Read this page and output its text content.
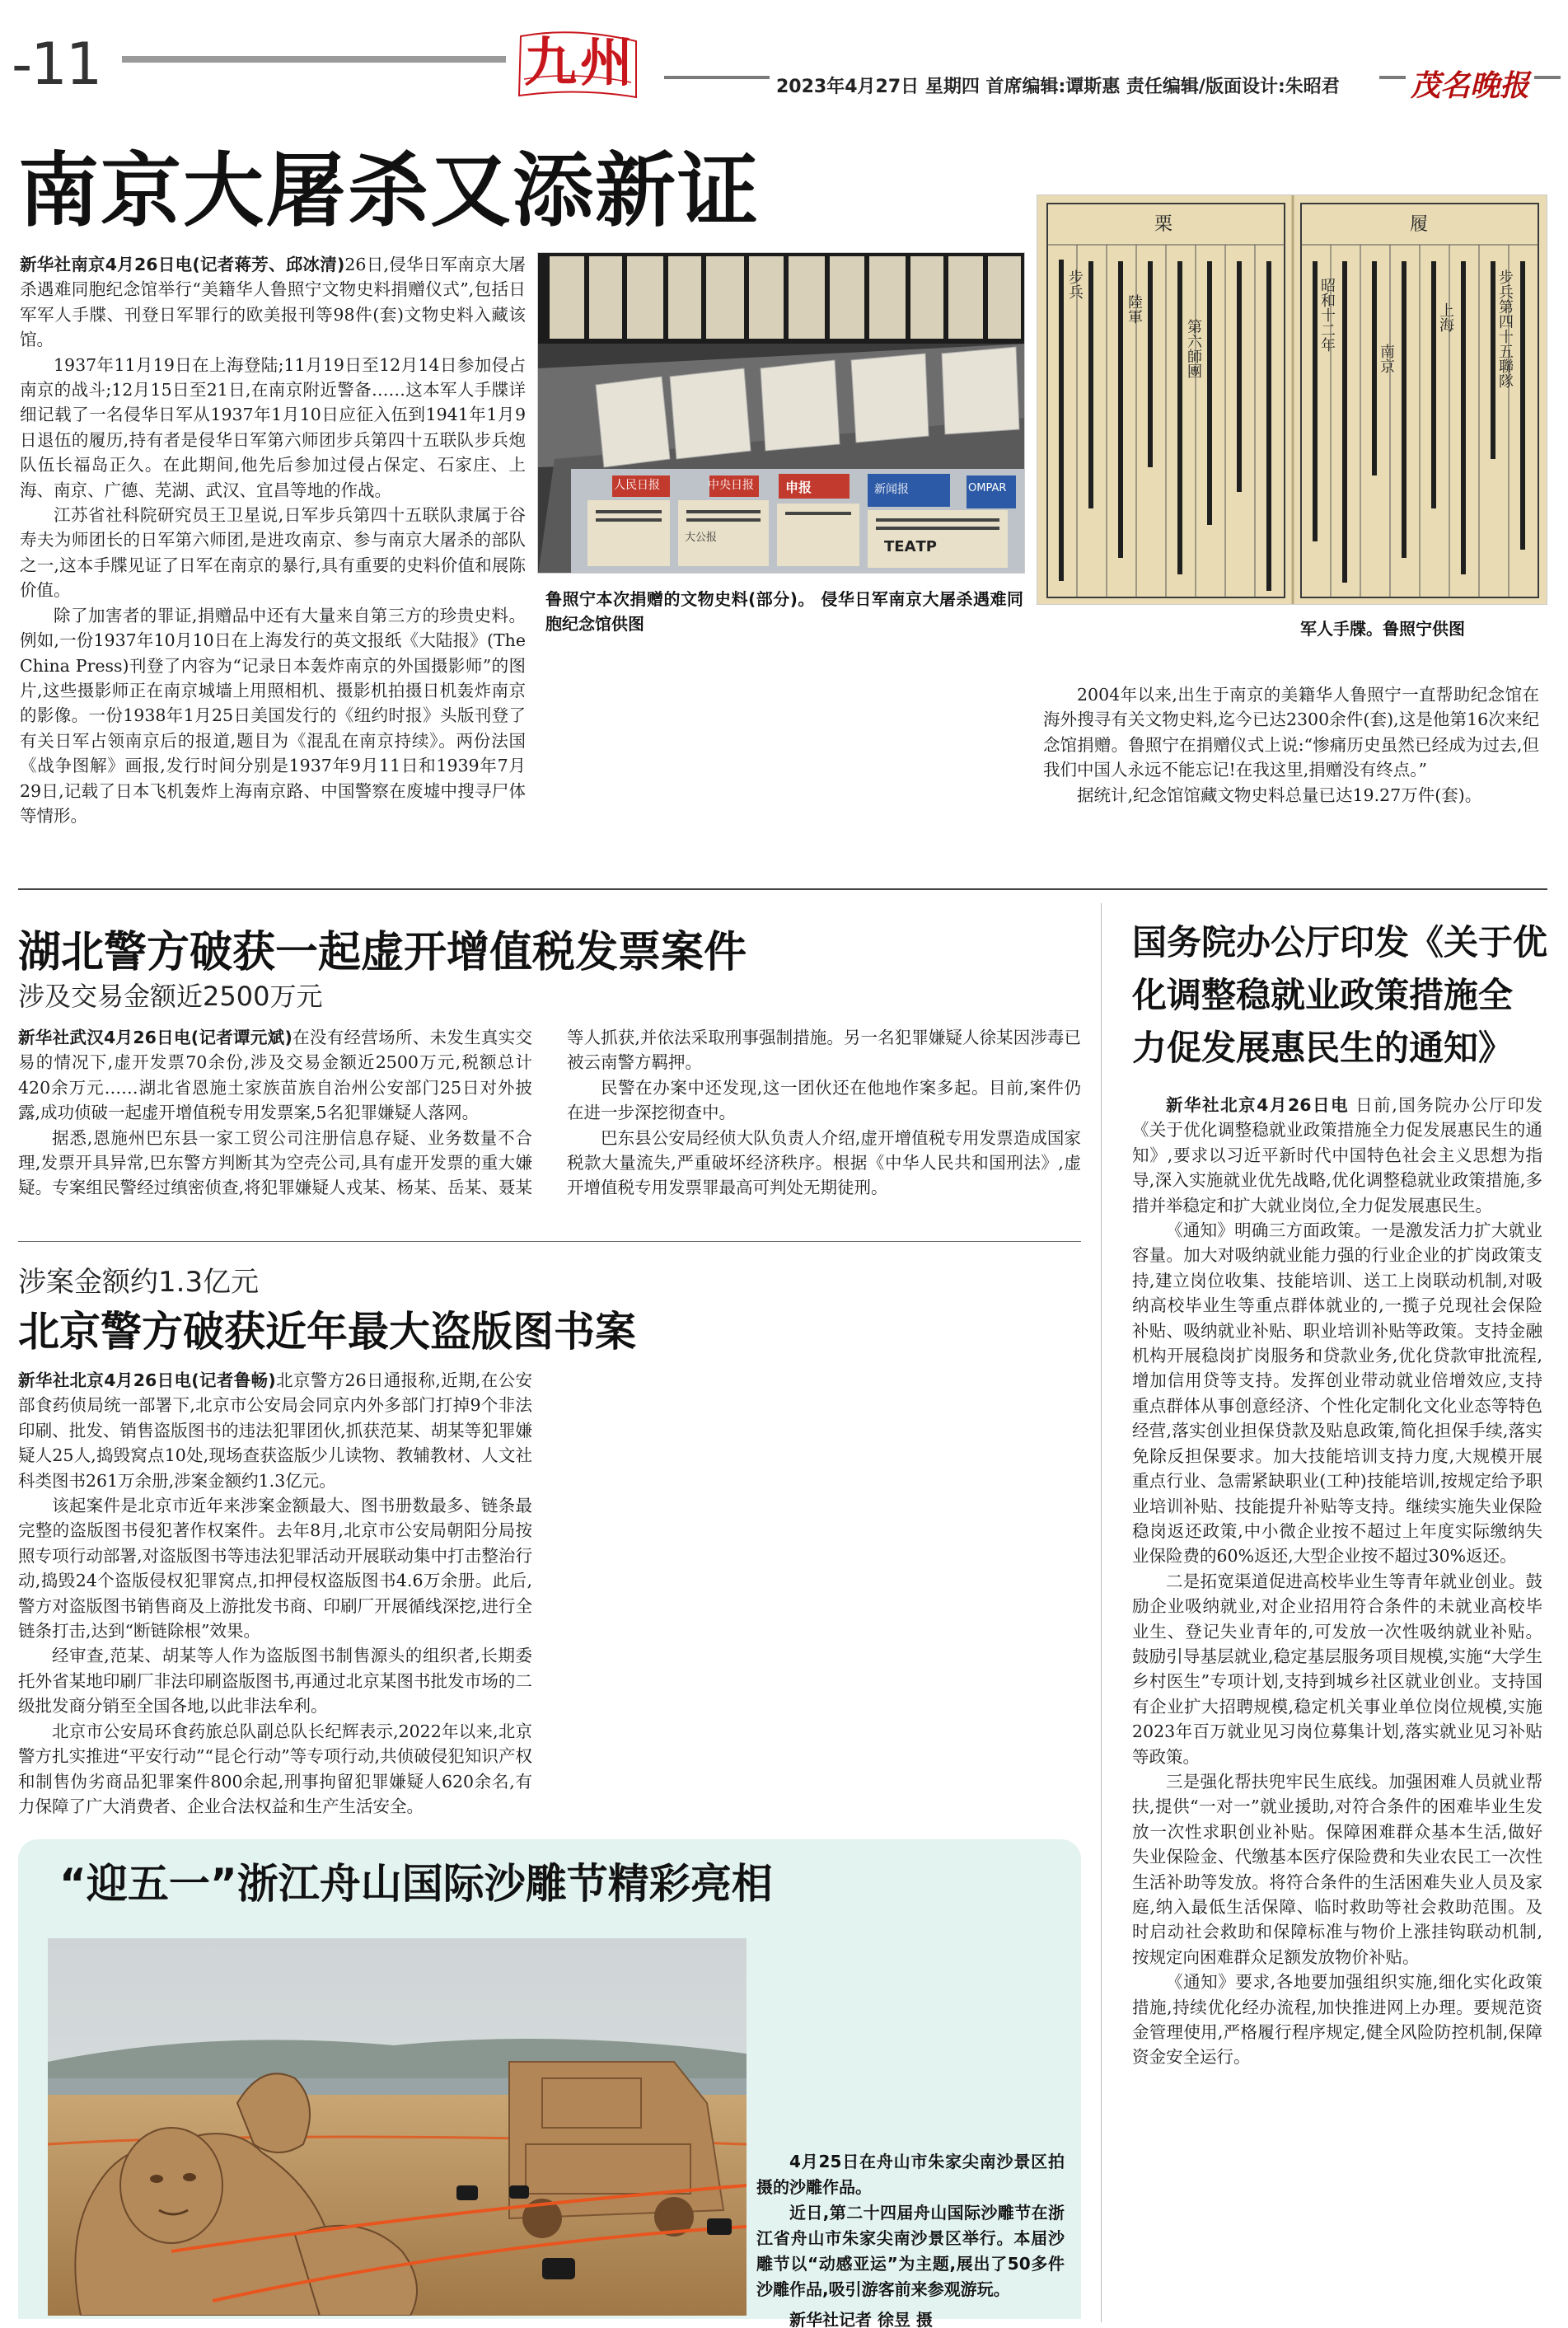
-11	九州	2023年4月27日 星期四 首席编辑:谭斯惠 责任编辑/版面设计:朱昭君	茂名晚报
南京大屠杀又添新证

新华社南京4月26日电(记者蒋芳、邱冰清)26日,侵华日军南京大屠杀遇难同胞纪念馆举行“美籍华人鲁照宁文物史料捐赠仪式”,包括日军军人手牒、刊登日军罪行的欧美报刊等98件(套)文物史料入藏该馆。

1937年11月19日在上海登陆;11月19日至12月14日参加侵占南京的战斗;12月15日至21日,在南京附近警备……这本军人手牒详细记载了一名侵华日军从1937年1月10日应征入伍到1941年1月9日退伍的履历,持有者是侵华日军第六师团步兵第四十五联队步兵炮队伍长福岛正久。在此期间,他先后参加过侵占保定、石家庄、上海、南京、广德、芜湖、武汉、宜昌等地的作战。

江苏省社科院研究员王卫星说,日军步兵第四十五联队隶属于谷寿夫为师团长的日军第六师团,是进攻南京、参与南京大屠杀的部队之一,这本手牒见证了日军在南京的暴行,具有重要的史料价值和展陈价值。

除了加害者的罪证,捐赠品中还有大量来自第三方的珍贵史料。例如,一份1937年10月10日在上海发行的英文报纸《大陆报》(The China Press)刊登了内容为“记录日本轰炸南京的外国摄影师”的图片,这些摄影师正在南京城墙上用照相机、摄影机拍摄日机轰炸南京的影像。一份1938年1月25日美国发行的《纽约时报》头版刊登了有关日军占领南京后的报道,题目为《混乱在南京持续》。两份法国《战争图解》画报,发行时间分别是1937年9月11日和1939年7月29日,记载了日本飞机轰炸上海南京路、中国警察在废墟中搜寻尸体等情形。

人民日报	中央日报 申报	新闻报
大公报
ТЕАТР
OMPAR
鲁照宁本次捐赠的文物史料(部分)。 侵华日军南京大屠杀遇难同胞纪念馆供图
栗	履
步兵
陸軍
第六師團	昭和十二年
南京
上海	步兵第四十五聯隊
军人手牒。鲁照宁供图

2004年以来,出生于南京的美籍华人鲁照宁一直帮助纪念馆在海外搜寻有关文物史料,迄今已达2300余件(套),这是他第16次来纪念馆捐赠。鲁照宁在捐赠仪式上说:“惨痛历史虽然已经成为过去,但我们中国人永远不能忘记!在我这里,捐赠没有终点。”

据统计,纪念馆馆藏文物史料总量已达19.27万件(套)。

湖北警方破获一起虚开增值税发票案件
涉及交易金额近2500万元

新华社武汉4月26日电(记者谭元斌)在没有经营场所、未发生真实交易的情况下,虚开发票70余份,涉及交易金额近2500万元,税额总计420余万元……湖北省恩施土家族苗族自治州公安部门25日对外披露,成功侦破一起虚开增值税专用发票案,5名犯罪嫌疑人落网。

据悉,恩施州巴东县一家工贸公司注册信息存疑、业务数量不合理,发票开具异常,巴东警方判断其为空壳公司,具有虚开发票的重大嫌疑。专案组民警经过缜密侦查,将犯罪嫌疑人戎某、杨某、岳某、聂某等人抓获,并依法采取刑事强制措施。另一名犯罪嫌疑人徐某因涉毒已被云南警方羁押。

民警在办案中还发现,这一团伙还在他地作案多起。目前,案件仍在进一步深挖彻查中。

巴东县公安局经侦大队负责人介绍,虚开增值税专用发票造成国家税款大量流失,严重破坏经济秩序。根据《中华人民共和国刑法》,虚开增值税专用发票罪最高可判处无期徒刑。

涉案金额约1.3亿元
北京警方破获近年最大盗版图书案

新华社北京4月26日电(记者鲁畅)北京警方26日通报称,近期,在公安部食药侦局统一部署下,北京市公安局会同京内外多部门打掉9个非法印刷、批发、销售盗版图书的违法犯罪团伙,抓获范某、胡某等犯罪嫌疑人25人,捣毁窝点10处,现场查获盗版少儿读物、教辅教材、人文社科类图书261万余册,涉案金额约1.3亿元。

该起案件是北京市近年来涉案金额最大、图书册数最多、链条最完整的盗版图书侵犯著作权案件。去年8月,北京市公安局朝阳分局按照专项行动部署,对盗版图书等违法犯罪活动开展联动集中打击整治行动,捣毁24个盗版侵权犯罪窝点,扣押侵权盗版图书4.6万余册。此后,警方对盗版图书销售商及上游批发书商、印刷厂开展循线深挖,进行全链条打击,达到“断链除根”效果。

经审查,范某、胡某等人作为盗版图书制售源头的组织者,长期委托外省某地印刷厂非法印刷盗版图书,再通过北京某图书批发市场的二级批发商分销至全国各地,以此非法牟利。

北京市公安局环食药旅总队副总队长纪辉表示,2022年以来,北京警方扎实推进“平安行动”“昆仑行动”等专项行动,共侦破侵犯知识产权和制售伪劣商品犯罪案件800余起,刑事拘留犯罪嫌疑人620余名,有力保障了广大消费者、企业合法权益和生产生活安全。

“迎五一”浙江舟山国际沙雕节精彩亮相

4月25日在舟山市朱家尖南沙景区拍摄的沙雕作品。

近日,第二十四届舟山国际沙雕节在浙江省舟山市朱家尖南沙景区举行。本届沙雕节以“动感亚运”为主题,展出了50多件沙雕作品,吸引游客前来参观游玩。

新华社记者 徐昱 摄

国务院办公厅印发《关于优
化调整稳就业政策措施全
力促发展惠民生的通知》

新华社北京4月26日电 日前,国务院办公厅印发《关于优化调整稳就业政策措施全力促发展惠民生的通知》,要求以习近平新时代中国特色社会主义思想为指导,深入实施就业优先战略,优化调整稳就业政策措施,多措并举稳定和扩大就业岗位,全力促发展惠民生。

《通知》明确三方面政策。一是激发活力扩大就业容量。加大对吸纳就业能力强的行业企业的扩岗政策支持,建立岗位收集、技能培训、送工上岗联动机制,对吸纳高校毕业生等重点群体就业的,一揽子兑现社会保险补贴、吸纳就业补贴、职业培训补贴等政策。支持金融机构开展稳岗扩岗服务和贷款业务,优化贷款审批流程,增加信用贷等支持。发挥创业带动就业倍增效应,支持重点群体从事创意经济、个性化定制化文化业态等特色经营,落实创业担保贷款及贴息政策,简化担保手续,落实免除反担保要求。加大技能培训支持力度,大规模开展重点行业、急需紧缺职业(工种)技能培训,按规定给予职业培训补贴、技能提升补贴等支持。继续实施失业保险稳岗返还政策,中小微企业按不超过上年度实际缴纳失业保险费的60%返还,大型企业按不超过30%返还。

二是拓宽渠道促进高校毕业生等青年就业创业。鼓励企业吸纳就业,对企业招用符合条件的未就业高校毕业生、登记失业青年的,可发放一次性吸纳就业补贴。鼓励引导基层就业,稳定基层服务项目规模,实施“大学生乡村医生”专项计划,支持到城乡社区就业创业。支持国有企业扩大招聘规模,稳定机关事业单位岗位规模,实施2023年百万就业见习岗位募集计划,落实就业见习补贴等政策。

三是强化帮扶兜牢民生底线。加强困难人员就业帮扶,提供“一对一”就业援助,对符合条件的困难毕业生发放一次性求职创业补贴。保障困难群众基本生活,做好失业保险金、代缴基本医疗保险费和失业农民工一次性生活补助等发放。将符合条件的生活困难失业人员及家庭,纳入最低生活保障、临时救助等社会救助范围。及时启动社会救助和保障标准与物价上涨挂钩联动机制,按规定向困难群众足额发放物价补贴。

《通知》要求,各地要加强组织实施,细化实化政策措施,持续优化经办流程,加快推进网上办理。要规范资金管理使用,严格履行程序规定,健全风险防控机制,保障资金安全运行。
